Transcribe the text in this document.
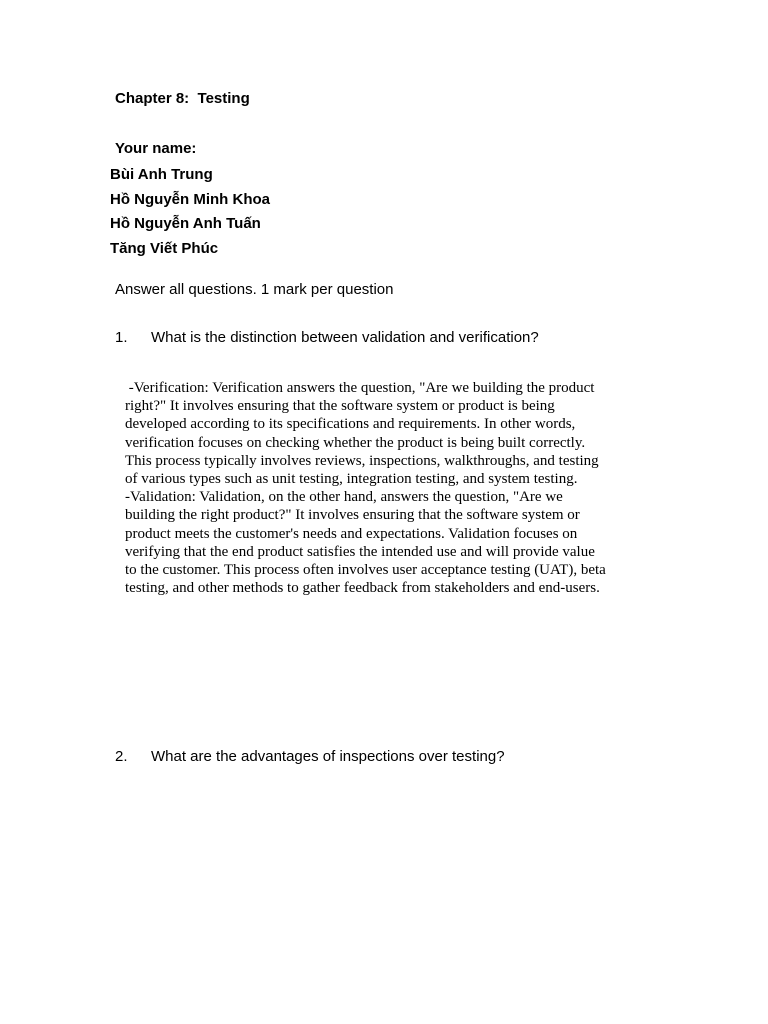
Chapter 8:  Testing
Your name:
Bùi Anh Trung
Hồ Nguyễn Minh Khoa
Hồ Nguyễn Anh Tuấn
Tăng Viết Phúc
Answer all questions. 1 mark per question
1. What is the distinction between validation and verification?
-Verification: Verification answers the question, "Are we building the product
right?" It involves ensuring that the software system or product is being
developed according to its specifications and requirements. In other words,
verification focuses on checking whether the product is being built correctly.
This process typically involves reviews, inspections, walkthroughs, and testing
of various types such as unit testing, integration testing, and system testing.
-Validation: Validation, on the other hand, answers the question, "Are we
building the right product?" It involves ensuring that the software system or
product meets the customer's needs and expectations. Validation focuses on
verifying that the end product satisfies the intended use and will provide value
to the customer. This process often involves user acceptance testing (UAT), beta
testing, and other methods to gather feedback from stakeholders and end-users.
2. What are the advantages of inspections over testing?
